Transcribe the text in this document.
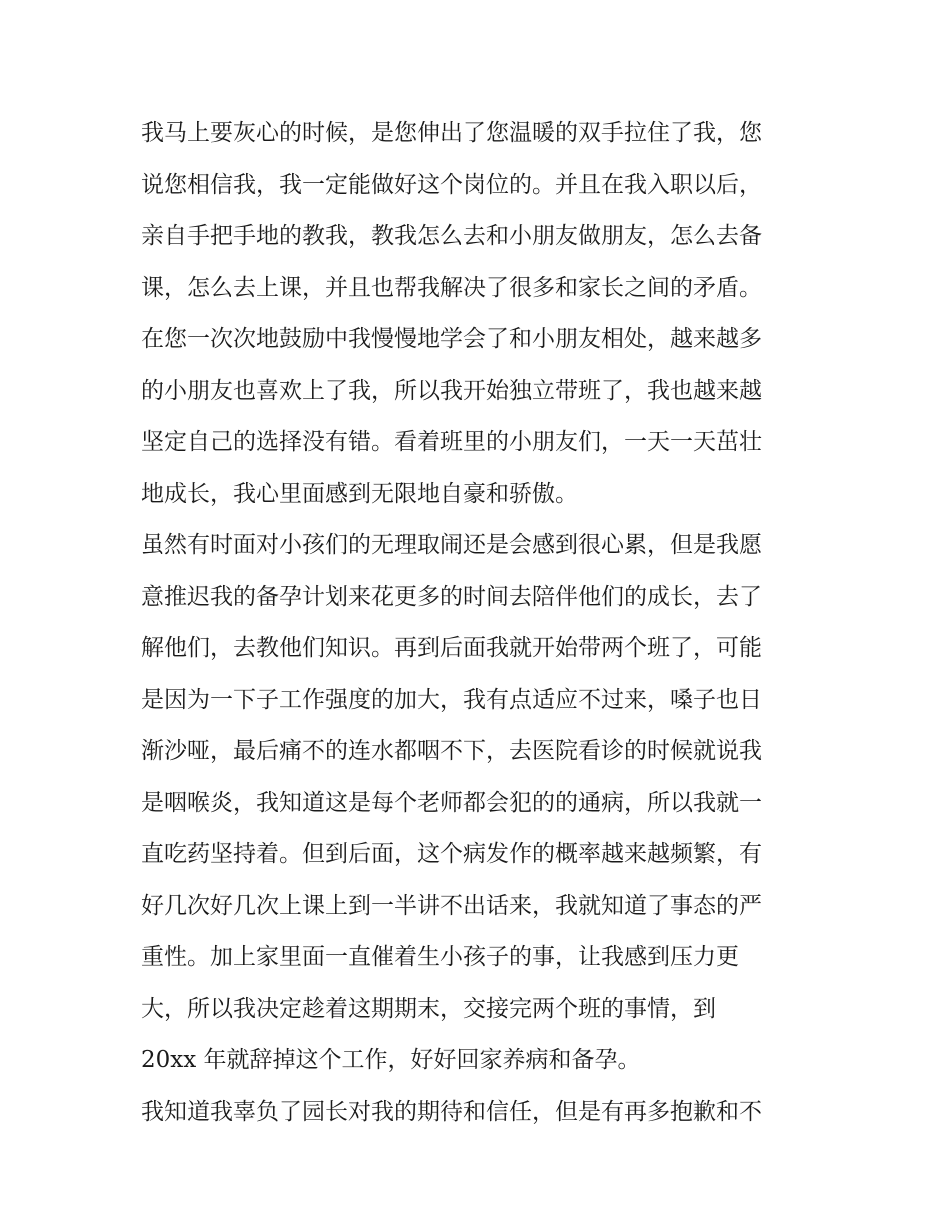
我马上要灰心的时候，是您伸出了您温暖的双手拉住了我，您
说您相信我，我一定能做好这个岗位的。并且在我入职以后，
亲自手把手地的教我，教我怎么去和小朋友做朋友，怎么去备
课，怎么去上课，并且也帮我解决了很多和家长之间的矛盾。
在您一次次地鼓励中我慢慢地学会了和小朋友相处，越来越多
的小朋友也喜欢上了我，所以我开始独立带班了，我也越来越
坚定自己的选择没有错。看着班里的小朋友们，一天一天茁壮
地成长，我心里面感到无限地自豪和骄傲。
虽然有时面对小孩们的无理取闹还是会感到很心累，但是我愿
意推迟我的备孕计划来花更多的时间去陪伴他们的成长，去了
解他们，去教他们知识。再到后面我就开始带两个班了，可能
是因为一下子工作强度的加大，我有点适应不过来，嗓子也日
渐沙哑，最后痛不的连水都咽不下，去医院看诊的时候就说我
是咽喉炎，我知道这是每个老师都会犯的的通病，所以我就一
直吃药坚持着。但到后面，这个病发作的概率越来越频繁，有
好几次好几次上课上到一半讲不出话来，我就知道了事态的严
重性。加上家里面一直催着生小孩子的事，让我感到压力更
大，所以我决定趁着这期期末，交接完两个班的事情，到
20xx 年就辞掉这个工作，好好回家养病和备孕。
我知道我辜负了园长对我的期待和信任，但是有再多抱歉和不
